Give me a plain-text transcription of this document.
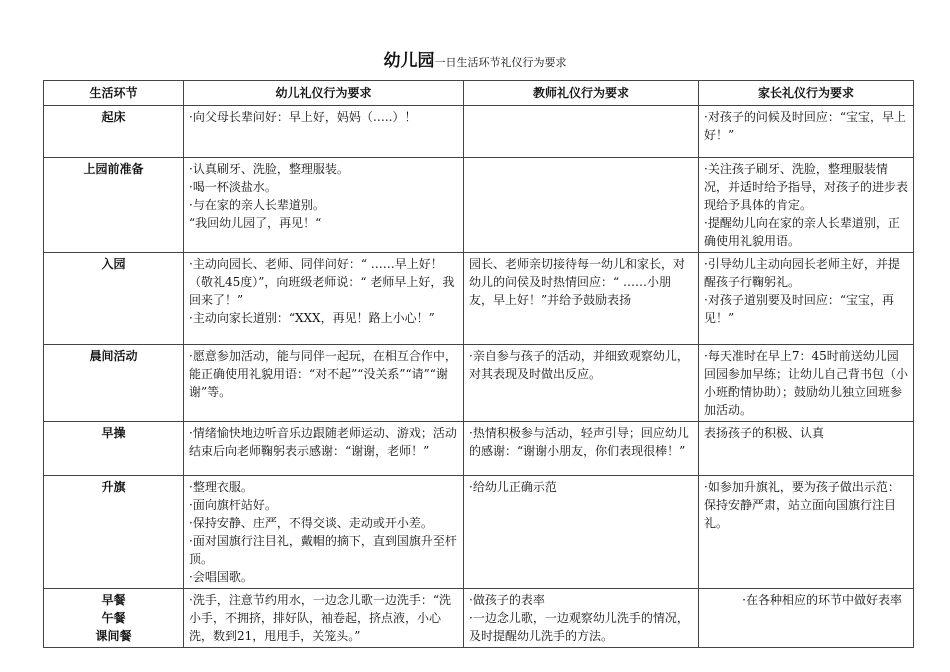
幼儿园一日生活环节礼仪行为要求
生活环节	幼儿礼仪行为要求	教师礼仪行为要求	家长礼仪行为要求

起床	·向父母长辈问好：早上好，妈妈（…..）！		·对孩子的问候及时回应：“宝宝，早上好！”

上园前准备	·认真刷牙、洗脸，整理服装。
·喝一杯淡盐水。
·与在家的亲人长辈道别。
“我回幼儿园了，再见！“		·关注孩子刷牙、洗脸，整理服装情况，并适时给予指导，对孩子的进步表现给予具体的肯定。
·提醒幼儿向在家的亲人长辈道别，正确使用礼貌用语。

入园	·主动向园长、老师、同伴问好：“ ……早上好！（敬礼45度）”，向班级老师说：“ 老师早上好，我回来了！”
·主动向家长道别：“XXX，再见！路上小心！”	园长、老师亲切接待每一幼儿和家长，对幼儿的问侯及时热情回应：“ ……小朋友，早上好！”并给予鼓励表扬	·引导幼儿主动向园长老师主好，并提醒孩子行鞠躬礼。
·对孩子道别要及时回应：“宝宝，再见！”

晨间活动	·愿意参加活动，能与同伴一起玩，在相互合作中，能正确使用礼貌用语：“对不起”“没关系”“请”“谢谢”等。	·亲自参与孩子的活动，并细致观察幼儿，对其表现及时做出反应。	·每天准时在早上7：45时前送幼儿园回园参加早练；让幼儿自己背书包（小小班酌情协助）；鼓励幼儿独立回班参加活动。

早操	·情绪愉快地边听音乐边跟随老师运动、游戏；活动结束后向老师鞠躬表示感谢：“谢谢，老师！”	·热情积极参与活动，轻声引导；回应幼儿的感谢：“谢谢小朋友，你们表现很棒！”	表扬孩子的积极、认真

升旗	·整理衣服。
·面向旗杆站好。
·保持安静、庄严，不得交谈、走动或开小差。
·面对国旗行注目礼，戴帽的摘下，直到国旗升至杆顶。
·会唱国歌。	·给幼儿正确示范	·如参加升旗礼，要为孩子做出示范：保持安静严肃，站立面向国旗行注目礼。

早餐
午餐
课间餐	·洗手，注意节约用水，一边念儿歌一边洗手：“洗小手，不拥挤，排好队，袖卷起，挤点液，小心洗，数到21，甩甩手，关笼头。”	·做孩子的表率
·一边念儿歌，一边观察幼儿洗手的情况，及时提醒幼儿洗手的方法。	·在各种相应的环节中做好表率
